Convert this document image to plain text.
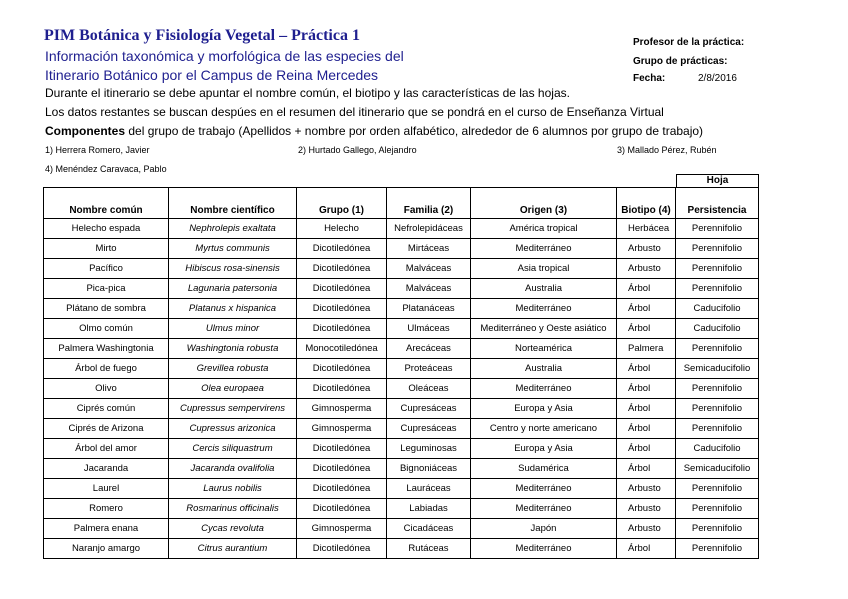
PIM Botánica y Fisiología Vegetal – Práctica 1
Información taxonómica y morfológica de las especies del
Itinerario Botánico por el Campus de Reina Mercedes
Profesor de la práctica:
Grupo de prácticas:
Fecha:	2/8/2016
Durante el itinerario se debe apuntar el nombre común, el biotipo y las características de las hojas.
Los datos restantes se buscan despúes en el resumen del itinerario que se pondrá en el curso de Enseñanza Virtual
Componentes del grupo de trabajo (Apellidos + nombre por orden alfabético, alrededor de 6 alumnos por grupo de trabajo)
1) Herrera Romero, Javier	2) Hurtado Gallego, Alejandro	3) Mallado Pérez, Rubén
4) Menéndez Caravaca, Pablo
Hoja
Nombre común	Nombre científico	Grupo (1)	Familia (2)	Origen (3)	Biotipo (4)	Persistencia
Helecho espada	Nephrolepis exaltata	Helecho	Nefrolepidáceas	América tropical	Herbácea	Perennifolio
Mirto	Myrtus communis	Dicotiledónea	Mirtáceas	Mediterráneo	Arbusto	Perennifolio
Pacífico	Hibiscus rosa-sinensis	Dicotiledónea	Malváceas	Asia tropical	Arbusto	Perennifolio
Pica-pica	Lagunaria patersonia	Dicotiledónea	Malváceas	Australia	Árbol	Perennifolio
Plátano de sombra	Platanus x hispanica	Dicotiledónea	Platanáceas	Mediterráneo	Árbol	Caducifolio
Olmo común	Ulmus minor	Dicotiledónea	Ulmáceas	Mediterráneo y Oeste asiático	Árbol	Caducifolio
Palmera Washingtonia	Washingtonia robusta	Monocotiledónea	Arecáceas	Norteamérica	Palmera	Perennifolio
Árbol de fuego	Grevillea robusta	Dicotiledónea	Proteáceas	Australia	Árbol	Semicaducifolio
Olivo	Olea europaea	Dicotiledónea	Oleáceas	Mediterráneo	Árbol	Perennifolio
Ciprés común	Cupressus sempervirens	Gimnosperma	Cupresáceas	Europa y Asia	Árbol	Perennifolio
Ciprés de Arizona	Cupressus arizonica	Gimnosperma	Cupresáceas	Centro y norte americano	Árbol	Perennifolio
Árbol del amor	Cercis siliquastrum	Dicotiledónea	Leguminosas	Europa y Asia	Árbol	Caducifolio
Jacaranda	Jacaranda ovalifolia	Dicotiledónea	Bignoniáceas	Sudamérica	Árbol	Semicaducifolio
Laurel	Laurus nobilis	Dicotiledónea	Lauráceas	Mediterráneo	Arbusto	Perennifolio
Romero	Rosmarinus officinalis	Dicotiledónea	Labiadas	Mediterráneo	Arbusto	Perennifolio
Palmera enana	Cycas revoluta	Gimnosperma	Cicadáceas	Japón	Arbusto	Perennifolio
Naranjo amargo	Citrus aurantium	Dicotiledónea	Rutáceas	Mediterráneo	Árbol	Perennifolio
